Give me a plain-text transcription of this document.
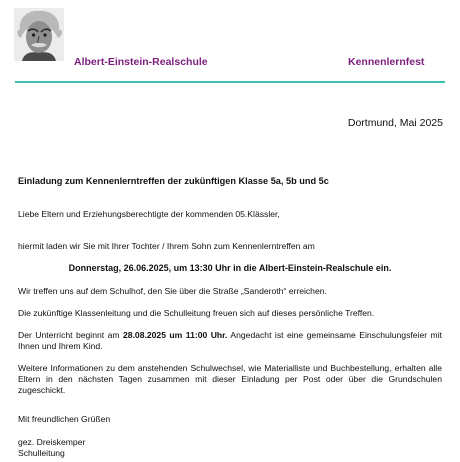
Albert-Einstein-Realschule	Kennenlernfest
Dortmund, Mai 2025
Einladung zum Kennenlerntreffen der zukünftigen Klasse 5a, 5b und 5c
Liebe Eltern und Erziehungsberechtigte der kommenden 05.Klässler,
hiermit laden wir Sie mit Ihrer Tochter / Ihrem Sohn zum Kennenlerntreffen am
Donnerstag, 26.06.2025, um 13:30 Uhr in die Albert-Einstein-Realschule ein.
Wir treffen uns auf dem Schulhof, den Sie über die Straße „Sanderoth“ erreichen.
Die zukünftige Klassenleitung und die Schulleitung freuen sich auf dieses persönliche Treffen.
Der Unterricht beginnt am 28.08.2025 um 11:00 Uhr. Angedacht ist eine gemeinsame Einschulungsfeier mit Ihnen und Ihrem Kind.
Weitere Informationen zu dem anstehenden Schulwechsel, wie Materialliste und Buchbestellung, erhalten alle Eltern in den nächsten Tagen zusammen mit dieser Einladung per Post oder über die Grundschulen zugeschickt.
Mit freundlichen Grüßen
gez. Dreiskemper
Schulleitung
